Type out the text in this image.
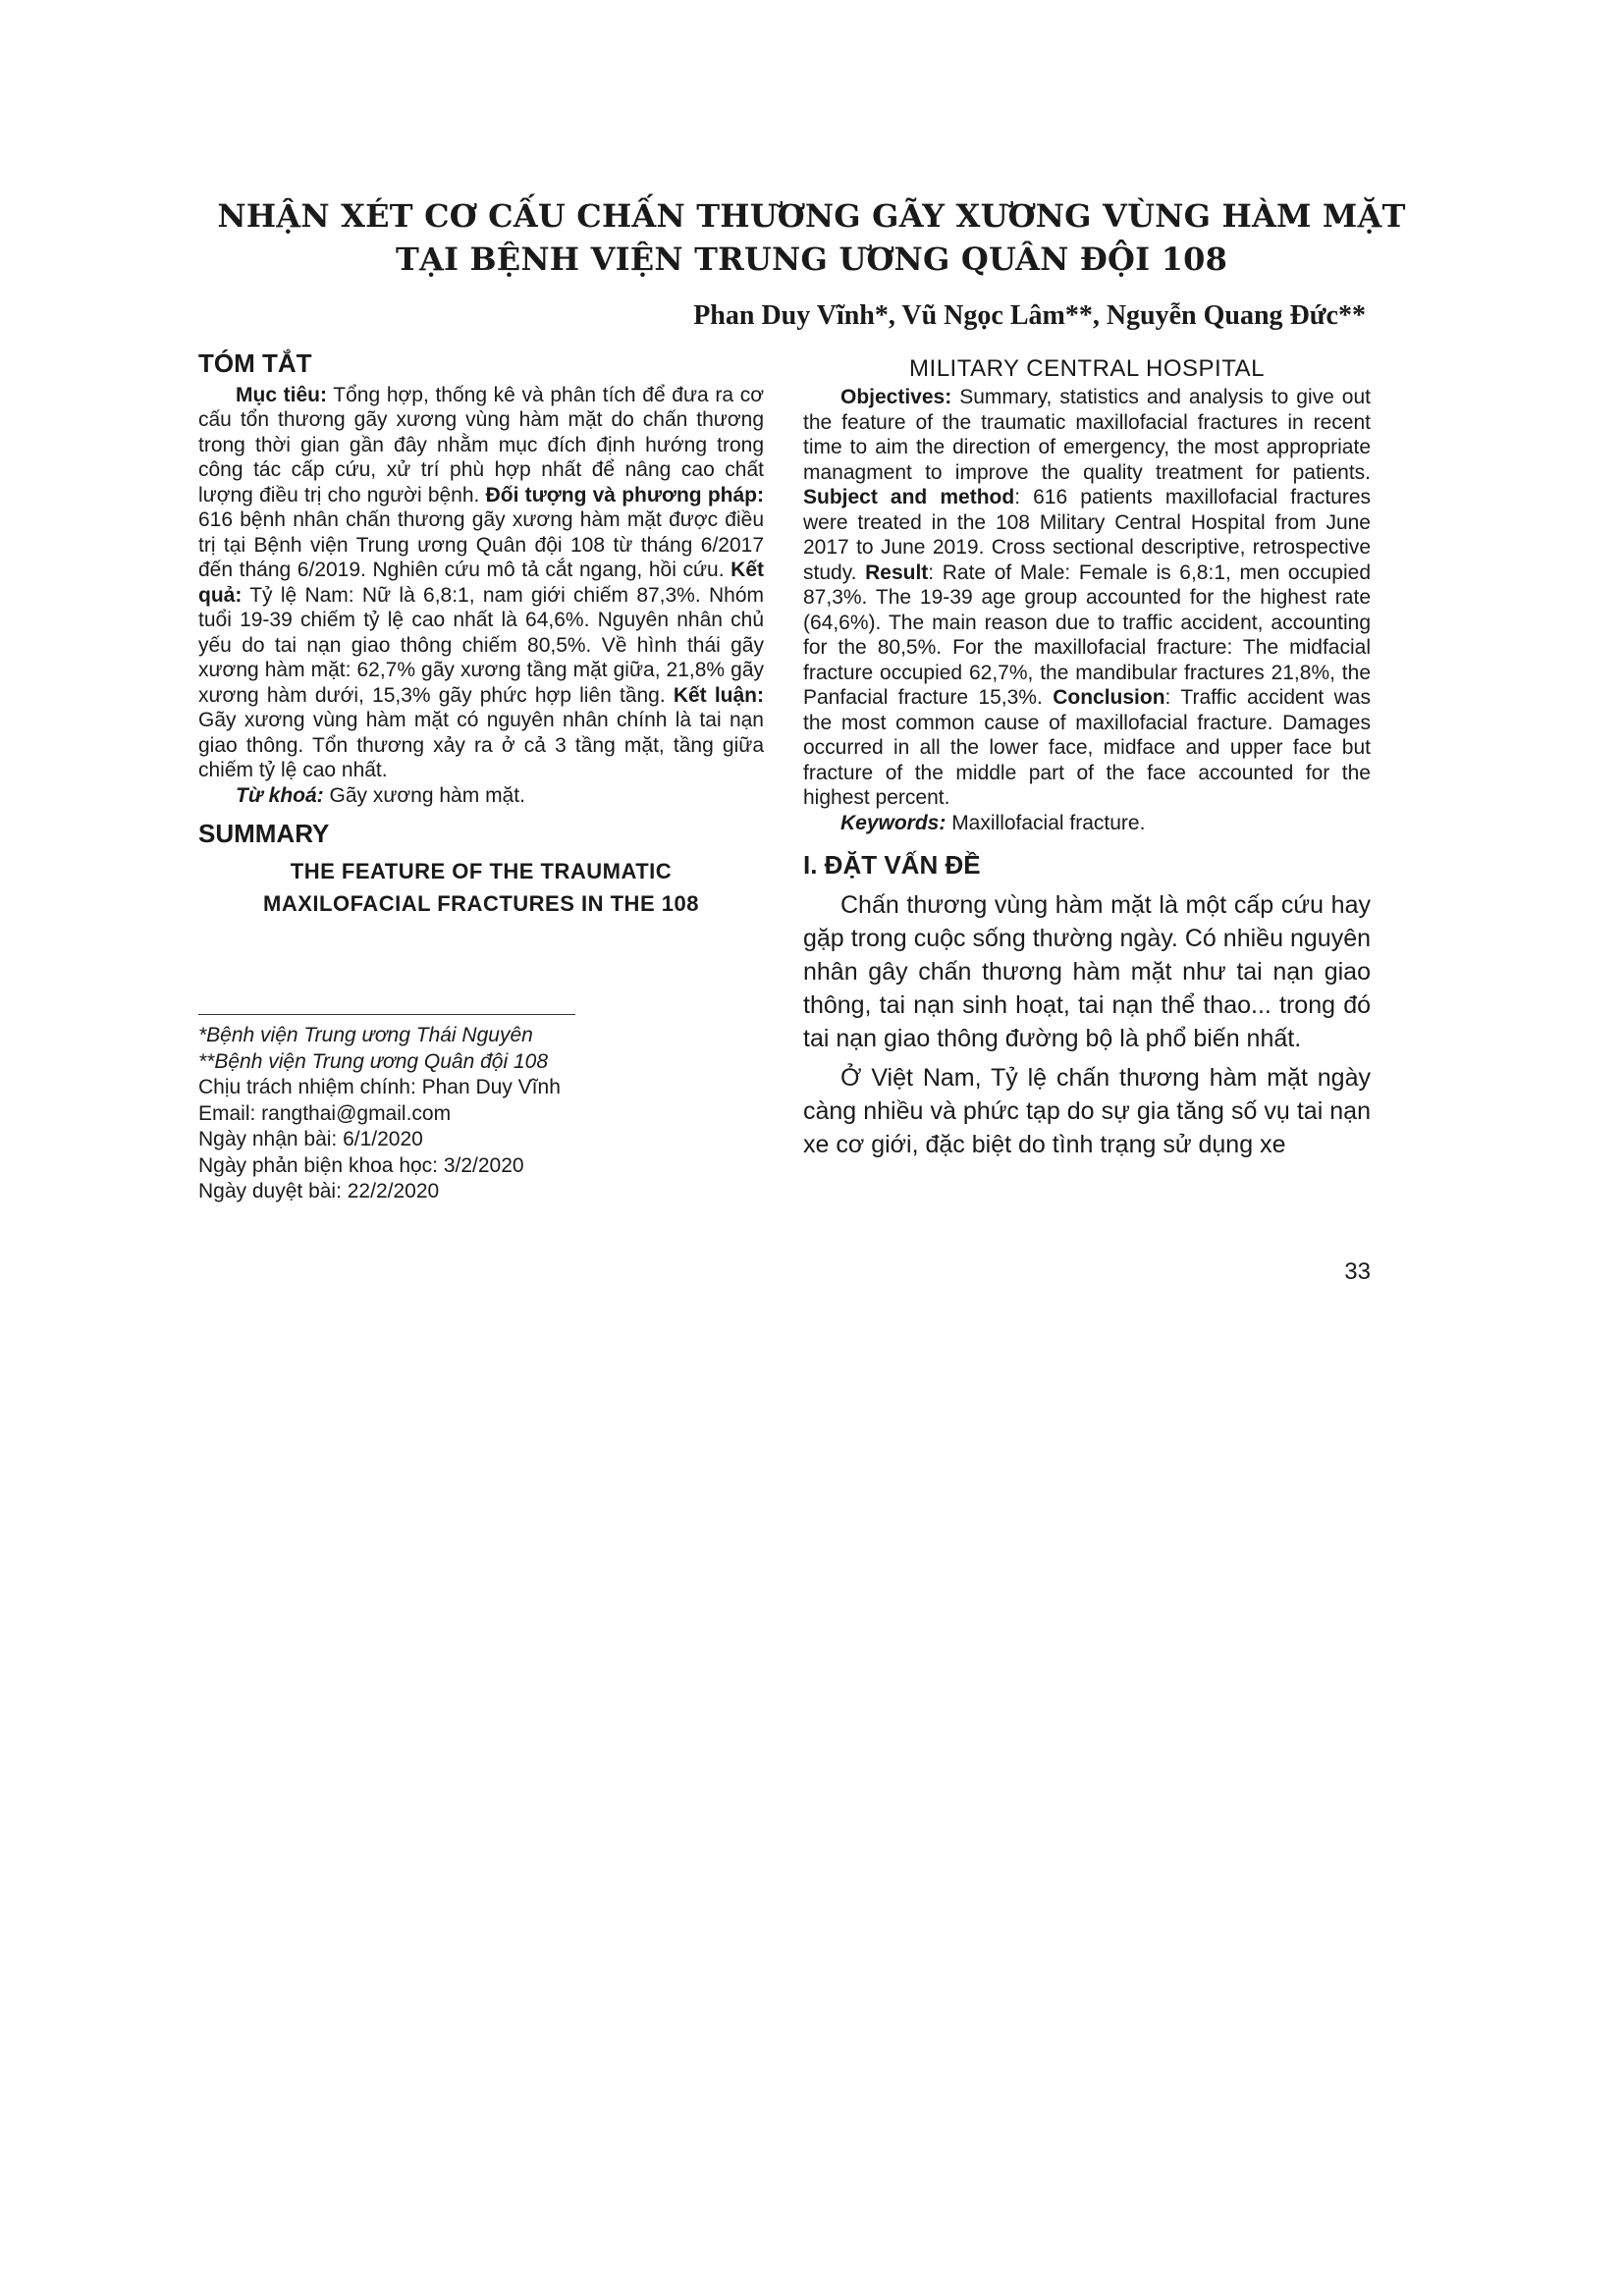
NHẬN XÉT CƠ CẤU CHẤN THƯƠNG GÃY XƯƠNG VÙNG HÀM MẶT
TẠI BỆNH VIỆN TRUNG ƯƠNG QUÂN ĐỘI 108
Phan Duy Vĩnh*, Vũ Ngọc Lâm**, Nguyễn Quang Đức**
TÓM TẮT

Mục tiêu: Tổng hợp, thống kê và phân tích để đưa ra cơ cấu tổn thương gãy xương vùng hàm mặt do chấn thương trong thời gian gần đây nhằm mục đích định hướng trong công tác cấp cứu, xử trí phù hợp nhất để nâng cao chất lượng điều trị cho người bệnh. Đối tượng và phương pháp: 616 bệnh nhân chấn thương gãy xương hàm mặt được điều trị tại Bệnh viện Trung ương Quân đội 108 từ tháng 6/2017 đến tháng 6/2019. Nghiên cứu mô tả cắt ngang, hồi cứu. Kết quả: Tỷ lệ Nam: Nữ là 6,8:1, nam giới chiếm 87,3%. Nhóm tuổi 19-39 chiếm tỷ lệ cao nhất là 64,6%. Nguyên nhân chủ yếu do tai nạn giao thông chiếm 80,5%. Về hình thái gãy xương hàm mặt: 62,7% gãy xương tầng mặt giữa, 21,8% gãy xương hàm dưới, 15,3% gãy phức hợp liên tầng. Kết luận: Gãy xương vùng hàm mặt có nguyên nhân chính là tai nạn giao thông. Tổn thương xảy ra ở cả 3 tầng mặt, tầng giữa chiếm tỷ lệ cao nhất.

Từ khoá: Gãy xương hàm mặt.

SUMMARY

THE FEATURE OF THE TRAUMATIC

MAXILOFACIAL FRACTURES IN THE 108

*Bệnh viện Trung ương Thái Nguyên
**Bệnh viện Trung ương Quân đội 108
Chịu trách nhiệm chính: Phan Duy Vĩnh
Email: rangthai@gmail.com
Ngày nhận bài: 6/1/2020
Ngày phản biện khoa học: 3/2/2020
Ngày duyệt bài: 22/2/2020
MILITARY CENTRAL HOSPITAL

Objectives: Summary, statistics and analysis to give out the feature of the traumatic maxillofacial fractures in recent time to aim the direction of emergency, the most appropriate managment to improve the quality treatment for patients. Subject and method: 616 patients maxillofacial fractures were treated in the 108 Military Central Hospital from June 2017 to June 2019. Cross sectional descriptive, retrospective study. Result: Rate of Male: Female is 6,8:1, men occupied 87,3%. The 19-39 age group accounted for the highest rate (64,6%). The main reason due to traffic accident, accounting for the 80,5%. For the maxillofacial fracture: The midfacial fracture occupied 62,7%, the mandibular fractures 21,8%, the Panfacial fracture 15,3%. Conclusion: Traffic accident was the most common cause of maxillofacial fracture. Damages occurred in all the lower face, midface and upper face but fracture of the middle part of the face accounted for the highest percent.

Keywords: Maxillofacial fracture.

I. ĐẶT VẤN ĐỀ

Chấn thương vùng hàm mặt là một cấp cứu hay gặp trong cuộc sống thường ngày. Có nhiều nguyên nhân gây chấn thương hàm mặt như tai nạn giao thông, tai nạn sinh hoạt, tai nạn thể thao... trong đó tai nạn giao thông đường bộ là phổ biến nhất.

Ở Việt Nam, Tỷ lệ chấn thương hàm mặt ngày càng nhiều và phức tạp do sự gia tăng số vụ tai nạn xe cơ giới, đặc biệt do tình trạng sử dụng xe

33
